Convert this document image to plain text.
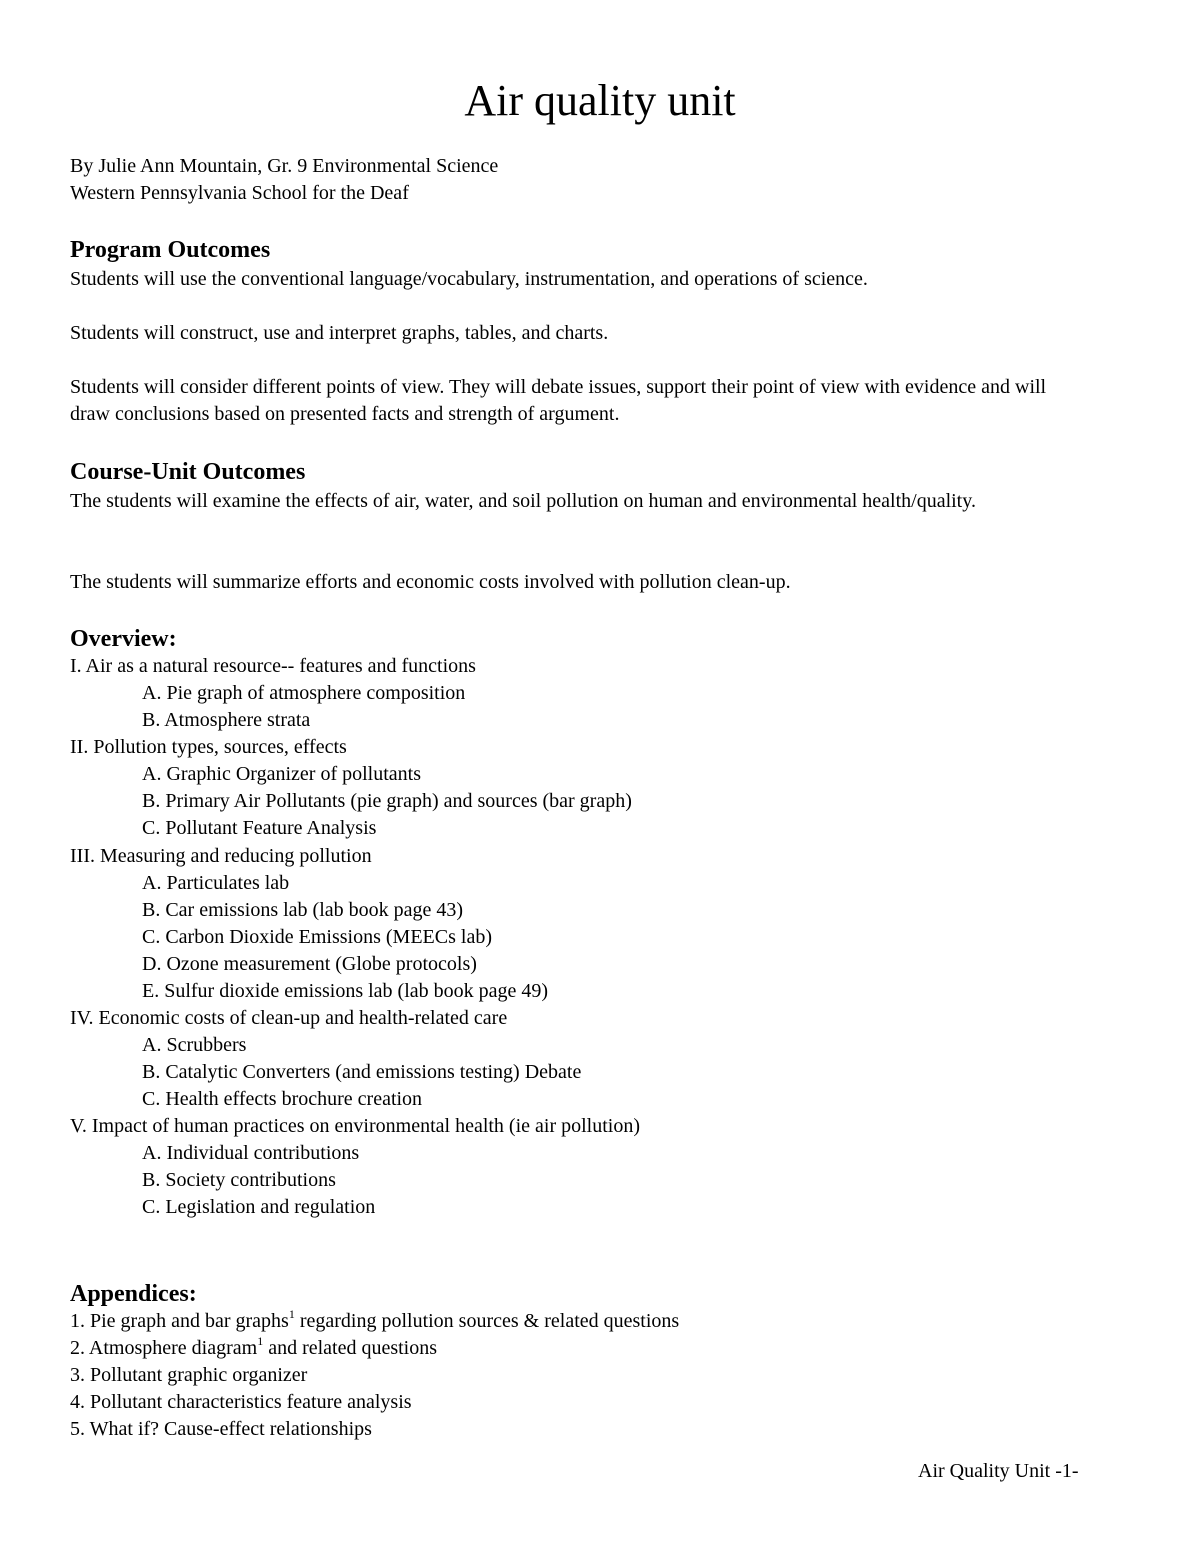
Air quality unit
By Julie Ann Mountain, Gr. 9 Environmental Science
Western Pennsylvania School for the Deaf
Program Outcomes
Students will use the conventional language/vocabulary, instrumentation, and operations of science.
Students will construct, use and interpret graphs, tables, and charts.
Students will consider different points of view. They will debate issues, support their point of view with evidence and will draw conclusions based on presented facts and strength of argument.
Course-Unit Outcomes
The students will examine the effects of air, water, and soil pollution on human and environmental health/quality.
The students will summarize efforts and economic costs involved with pollution clean-up.
Overview:
I. Air as a natural resource-- features and functions
A. Pie graph of atmosphere composition
B. Atmosphere strata
II. Pollution types, sources, effects
A. Graphic Organizer of pollutants
B. Primary Air Pollutants (pie graph) and sources (bar graph)
C. Pollutant Feature Analysis
III. Measuring and reducing pollution
A. Particulates lab
B. Car emissions lab (lab book page 43)
C. Carbon Dioxide Emissions (MEECs lab)
D. Ozone measurement (Globe protocols)
E. Sulfur dioxide emissions lab (lab book page 49)
IV. Economic costs of clean-up and health-related care
A. Scrubbers
B. Catalytic Converters (and emissions testing) Debate
C. Health effects brochure creation
V. Impact of human practices on environmental health (ie air pollution)
A. Individual contributions
B. Society contributions
C. Legislation and regulation
Appendices:
1. Pie graph and bar graphs$^1$ regarding pollution sources & related questions
2. Atmosphere diagram$^1$ and related questions
3. Pollutant graphic organizer
4. Pollutant characteristics feature analysis
5. What if? Cause-effect relationships
Air Quality Unit -1-
